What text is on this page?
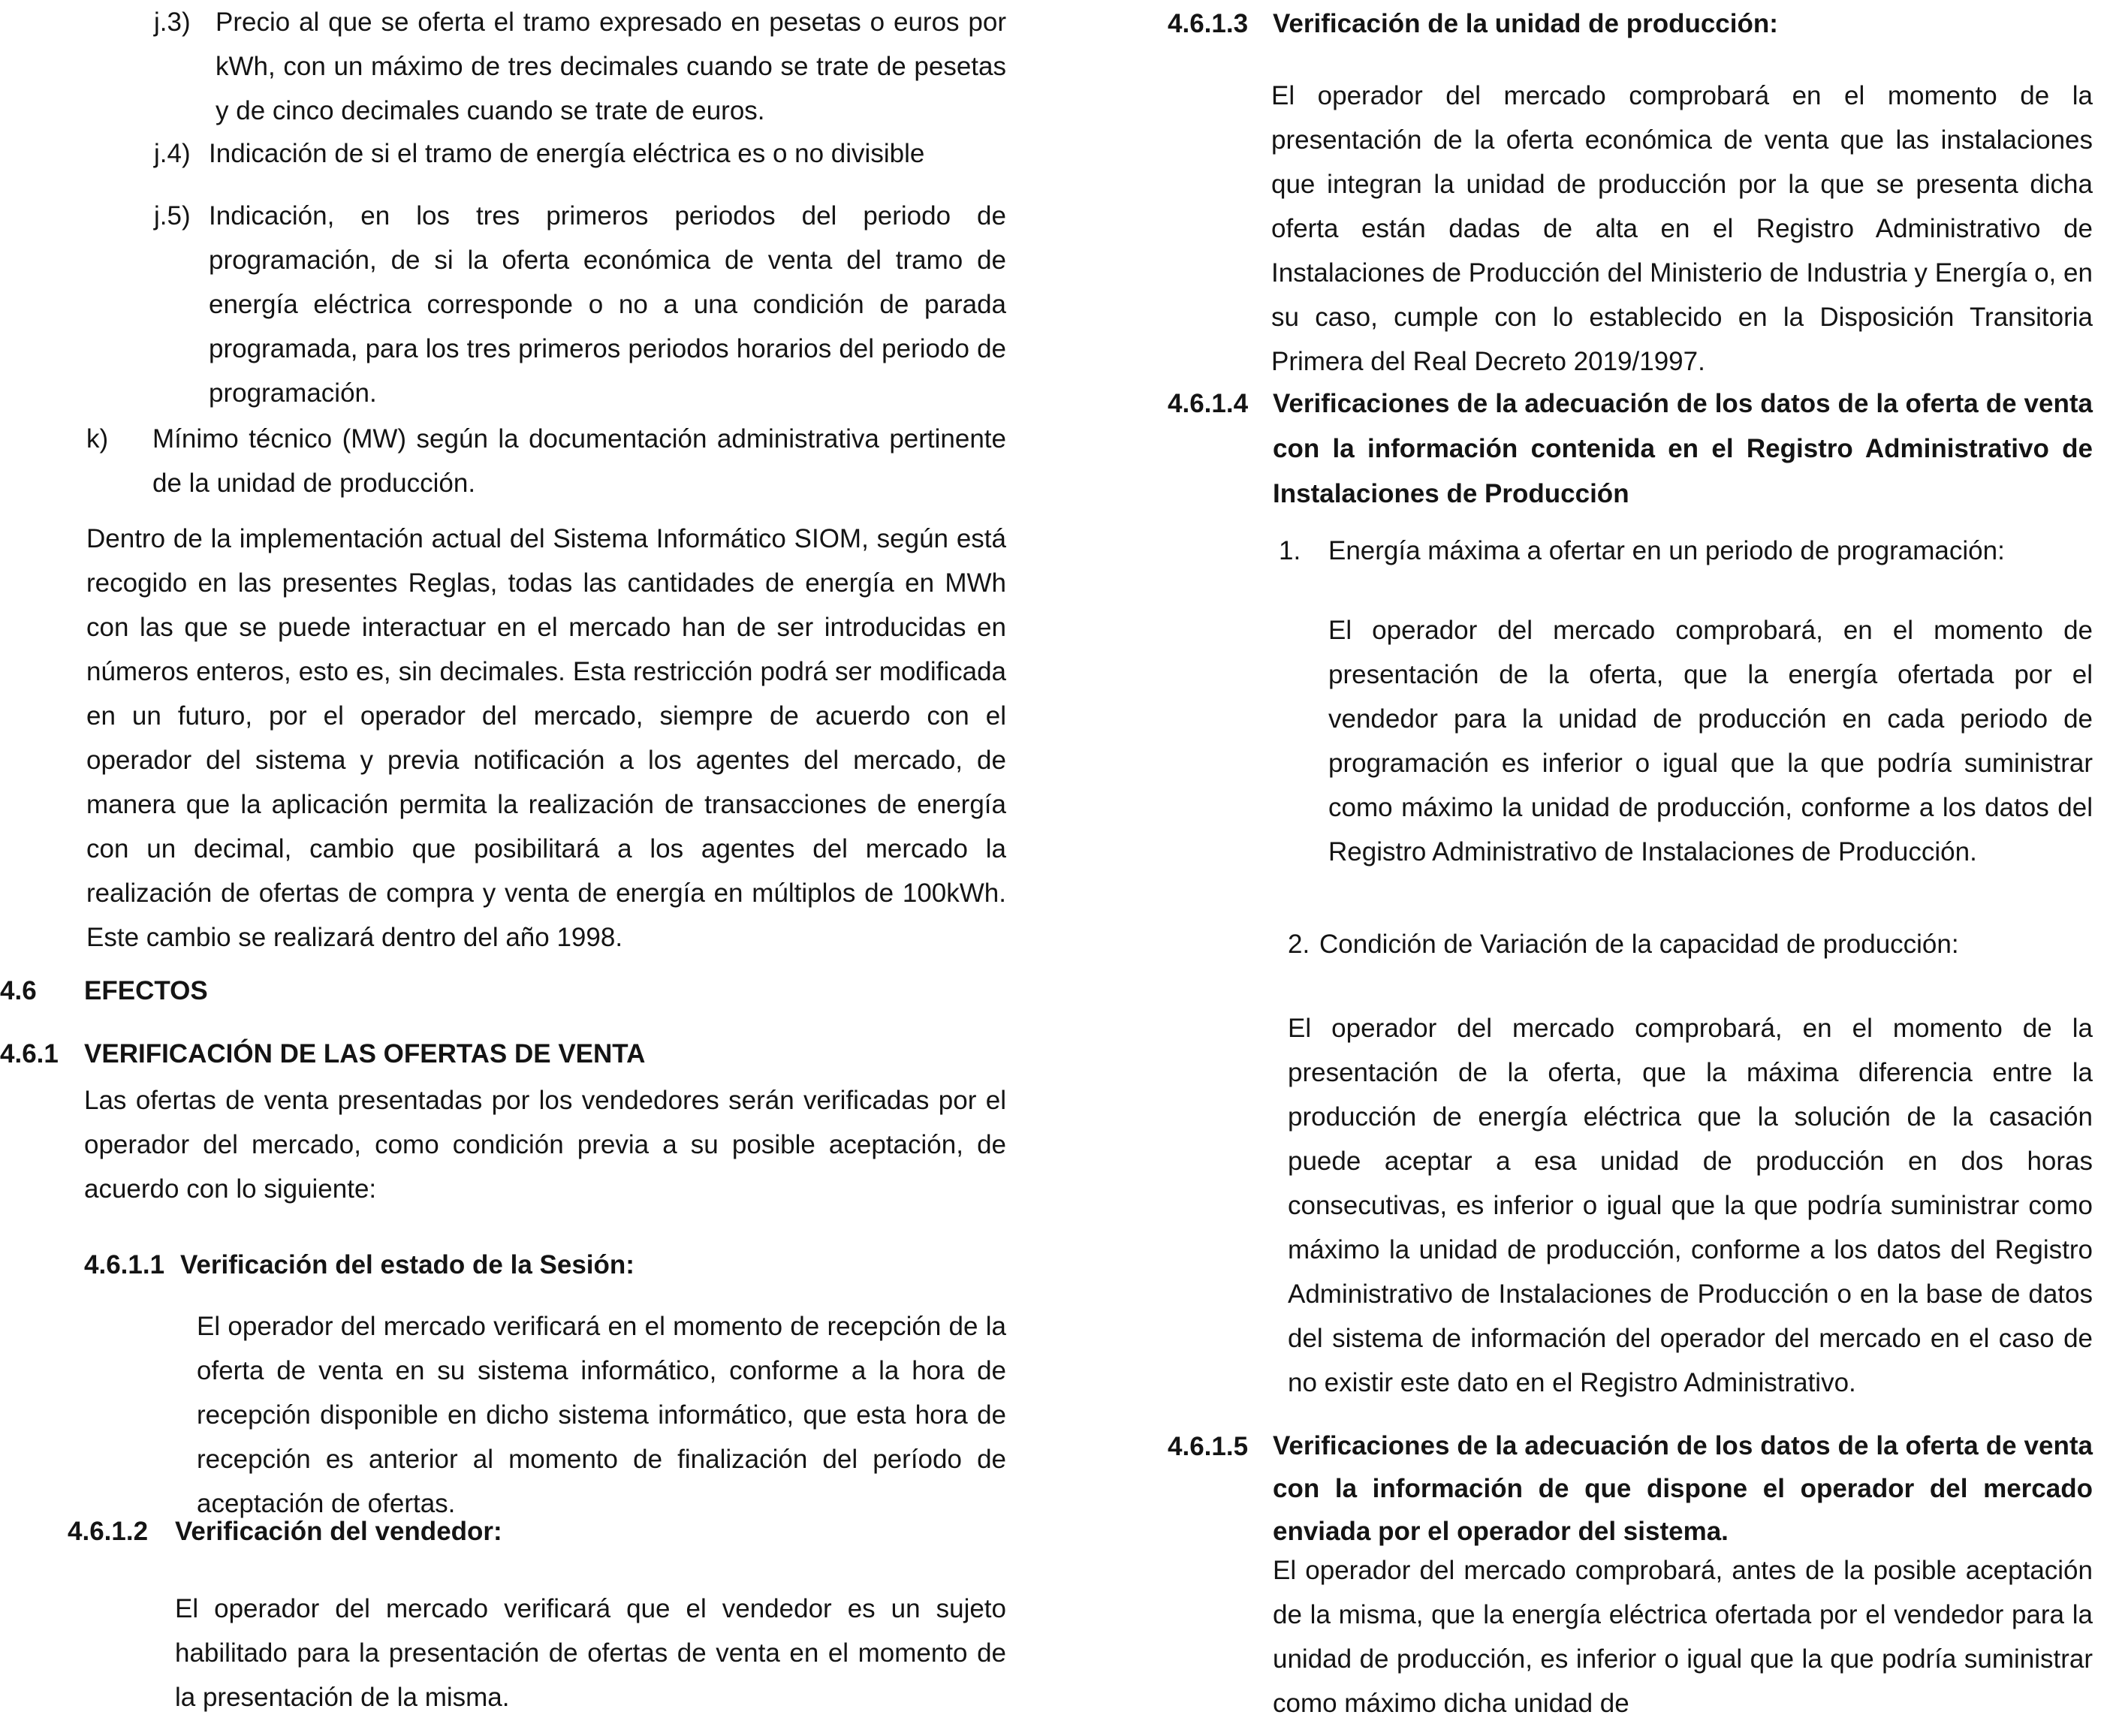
j.3) Precio al que se oferta el tramo expresado en pesetas o euros por kWh, con un máximo de tres decimales cuando se trate de pesetas y de cinco decimales cuando se trate de euros.

j.4) Indicación de si el tramo de energía eléctrica es o no divisible

j.5) Indicación, en los tres primeros periodos del periodo de programación, de si la oferta económica de venta del tramo de energía eléctrica corresponde o no a una condición de parada programada, para los tres primeros periodos horarios del periodo de programación.

k) Mínimo técnico (MW) según la documentación administrativa pertinente de la unidad de producción.

Dentro de la implementación actual del Sistema Informático SIOM, según está recogido en las presentes Reglas, todas las cantidades de energía en MWh con las que se puede interactuar en el mercado han de ser introducidas en números enteros, esto es, sin decimales. Esta restricción podrá ser modificada en un futuro, por el operador del mercado, siempre de acuerdo con el operador del sistema y previa notificación a los agentes del mercado, de manera que la aplicación permita la realización de transacciones de energía con un decimal, cambio que posibilitará a los agentes del mercado la realización de ofertas de compra y venta de energía en múltiplos de 100kWh. Este cambio se realizará dentro del año 1998.

4.6 EFECTOS
4.6.1 VERIFICACIÓN DE LAS OFERTAS DE VENTA

Las ofertas de venta presentadas por los vendedores serán verificadas por el operador del mercado, como condición previa a su posible aceptación, de acuerdo con lo siguiente:

4.6.1.1 Verificación del estado de la Sesión:

El operador del mercado verificará en el momento de recepción de la oferta de venta en su sistema informático, conforme a la hora de recepción disponible en dicho sistema informático, que esta hora de recepción es anterior al momento de finalización del período de aceptación de ofertas.

4.6.1.2 Verificación del vendedor:

El operador del mercado verificará que el vendedor es un sujeto habilitado para la presentación de ofertas de venta en el momento de la presentación de la misma.

4.6.1.3 Verificación de la unidad de producción:

El operador del mercado comprobará en el momento de la presentación de la oferta económica de venta que las instalaciones que integran la unidad de producción por la que se presenta dicha oferta están dadas de alta en el Registro Administrativo de Instalaciones de Producción del Ministerio de Industria y Energía o, en su caso, cumple con lo establecido en la Disposición Transitoria Primera del Real Decreto 2019/1997.

4.6.1.4 Verificaciones de la adecuación de los datos de la oferta de venta con la información contenida en el Registro Administrativo de Instalaciones de Producción

1. Energía máxima a ofertar en un periodo de programación:

El operador del mercado comprobará, en el momento de presentación de la oferta, que la energía ofertada por el vendedor para la unidad de producción en cada periodo de programación es inferior o igual que la que podría suministrar como máximo la unidad de producción, conforme a los datos del Registro Administrativo de Instalaciones de Producción.

2. Condición de Variación de la capacidad de producción:

El operador del mercado comprobará, en el momento de la presentación de la oferta, que la máxima diferencia entre la producción de energía eléctrica que la solución de la casación puede aceptar a esa unidad de producción en dos horas consecutivas, es inferior o igual que la que podría suministrar como máximo la unidad de producción, conforme a los datos del Registro Administrativo de Instalaciones de Producción o en la base de datos del sistema de información del operador del mercado en el caso de no existir este dato en el Registro Administrativo.

4.6.1.5 Verificaciones de la adecuación de los datos de la oferta de venta con la información de que dispone el operador del mercado enviada por el operador del sistema.

El operador del mercado comprobará, antes de la posible aceptación de la misma, que la energía eléctrica ofertada por el vendedor para la unidad de producción, es inferior o igual que la que podría suministrar como máximo dicha unidad de
